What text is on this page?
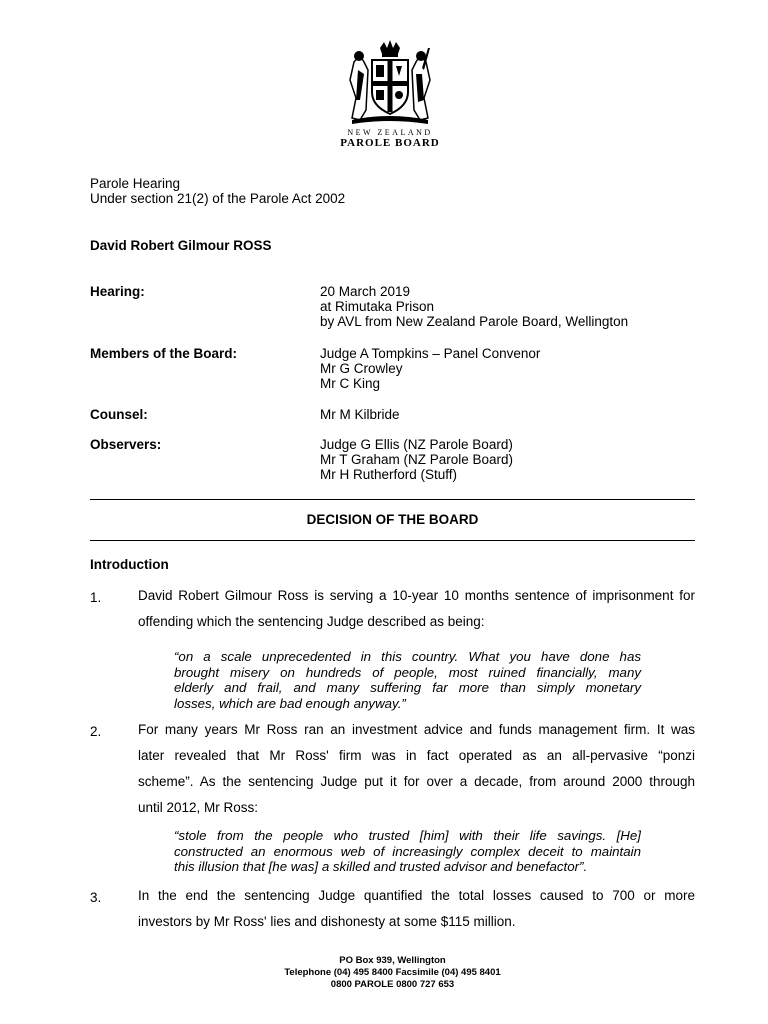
NEW ZEALAND
PAROLE BOARD
Parole Hearing
Under section 21(2) of the Parole Act 2002
David Robert Gilmour ROSS
Hearing:	20 March 2019
at Rimutaka Prison
by AVL from New Zealand Parole Board, Wellington
Members of the Board:	Judge A Tompkins – Panel Convenor
Mr G Crowley
Mr C King
Counsel:	Mr M Kilbride
Observers:	Judge G Ellis (NZ Parole Board)
Mr T Graham (NZ Parole Board)
Mr H Rutherford (Stuff)
DECISION OF THE BOARD
Introduction
1.	David Robert Gilmour Ross is serving a 10-year 10 months sentence of imprisonment for
offending which the sentencing Judge described as being:
“on a scale unprecedented in this country. What you have done has
brought misery on hundreds of people, most ruined financially, many
elderly and frail, and many suffering far more than simply monetary
losses, which are bad enough anyway.”
2.	For many years Mr Ross ran an investment advice and funds management firm. It was
later revealed that Mr Ross' firm was in fact operated as an all-pervasive “ponzi
scheme”. As the sentencing Judge put it for over a decade, from around 2000 through
until 2012, Mr Ross:
“stole from the people who trusted [him] with their life savings. [He]
constructed an enormous web of increasingly complex deceit to maintain
this illusion that [he was] a skilled and trusted advisor and benefactor”.
3.	In the end the sentencing Judge quantified the total losses caused to 700 or more
investors by Mr Ross' lies and dishonesty at some $115 million.
PO Box 939, Wellington
Telephone (04) 495 8400 Facsimile (04) 495 8401
0800 PAROLE 0800 727 653
